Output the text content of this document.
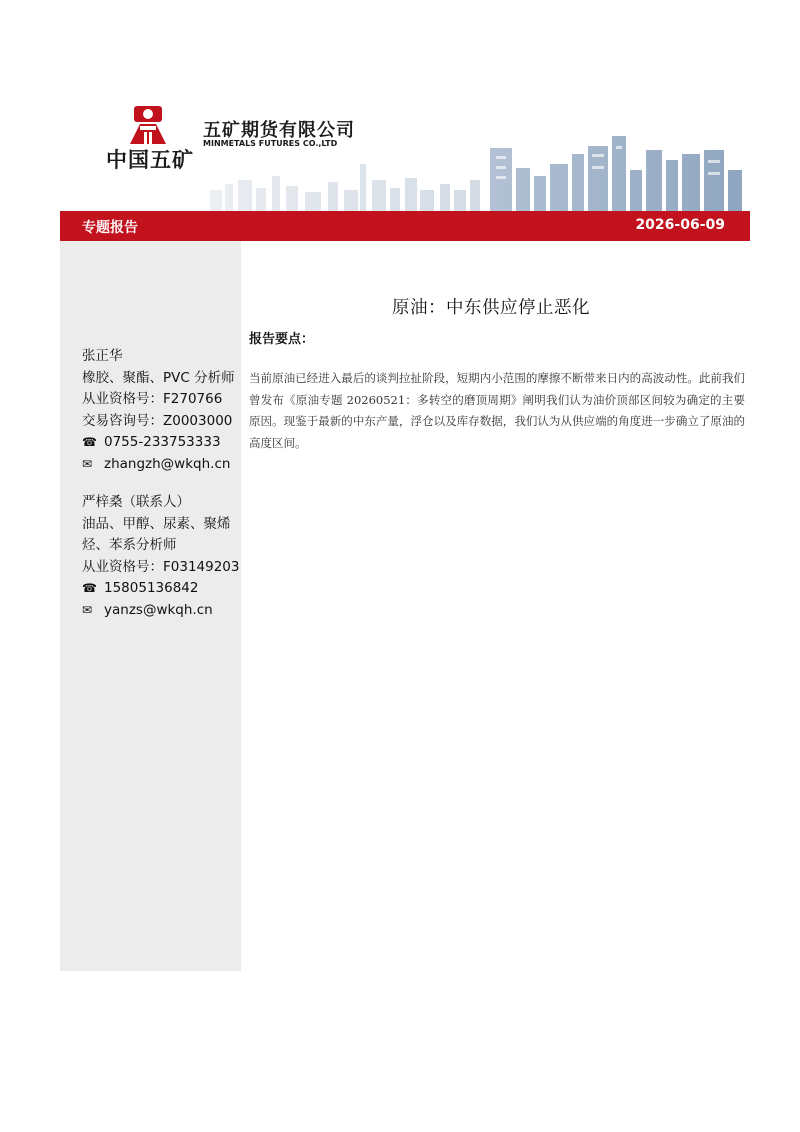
中国五矿
五矿期货有限公司
MINMETALS FUTURES CO.,LTD
专题报告	2026-06-09
张正华
橡胶、聚酯、PVC 分析师
从业资格号：F270766
交易咨询号：Z0003000
☎ 0755-233753333
✉ zhangzh@wkqh.cn
严梓桑（联系人）
油品、甲醇、尿素、聚烯
烃、苯系分析师
从业资格号：F03149203
☎ 15805136842
✉ yanzs@wkqh.cn
原油：中东供应停止恶化
报告要点：
当前原油已经进入最后的谈判拉扯阶段，短期内小范围的摩擦不断带来日内的高波动性。此前我们曾发布《原油专题 20260521：多转空的磨顶周期》阐明我们认为油价顶部区间较为确定的主要原因。现鉴于最新的中东产量，浮仓以及库存数据，我们认为从供应端的角度进一步确立了原油的高度区间。
